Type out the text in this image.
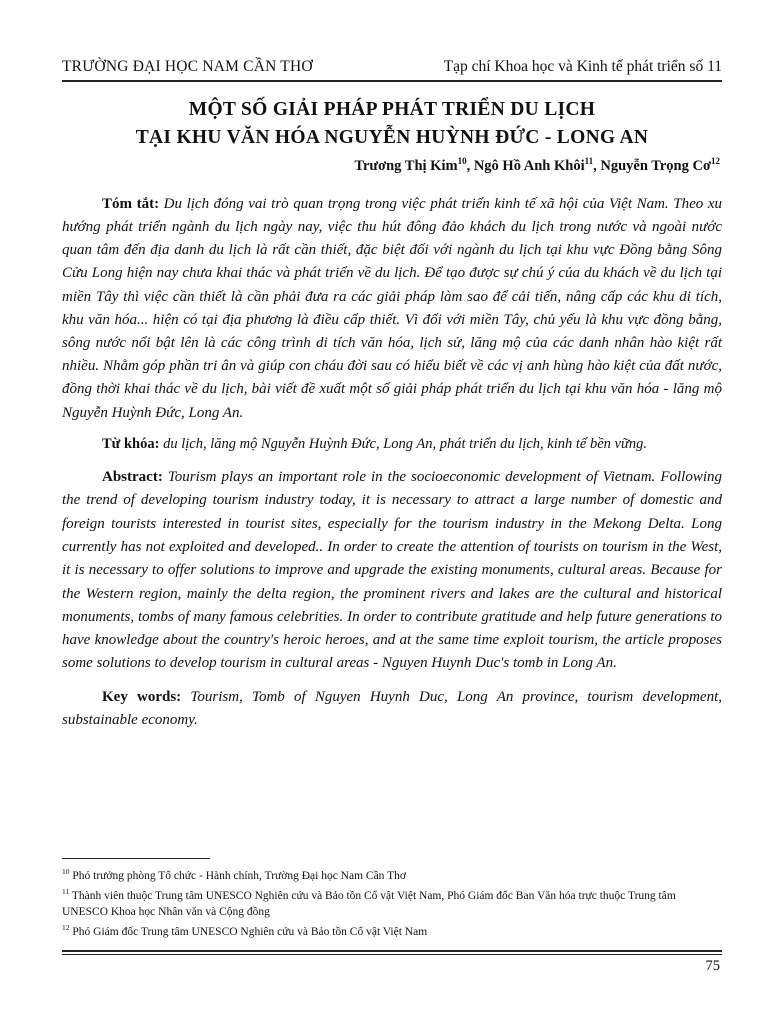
TRƯỜNG ĐẠI HỌC NAM CẦN THƠ	Tạp chí Khoa học và Kinh tế phát triển số 11
MỘT SỐ GIẢI PHÁP PHÁT TRIỂN DU LỊCH
TẠI KHU VĂN HÓA NGUYỄN HUỲNH ĐỨC - LONG AN
Trương Thị Kim$^{10}$, Ngô Hồ Anh Khôi$^{11}$, Nguyễn Trọng $Cơ^{12}$

Tóm tắt: Du lịch đóng vai trò quan trọng trong việc phát triển kinh tế xã hội của Việt Nam. Theo xu hướng phát triển ngành du lịch ngày nay, việc thu hút đông đảo khách du lịch trong nước và ngoài nước quan tâm đến địa danh du lịch là rất cần thiết, đặc biệt đối với ngành du lịch tại khu vực Đồng bằng Sông Cửu Long hiện nay chưa khai thác và phát triển về du lịch. Để tạo được sự chú ý của du khách về du lịch tại miền Tây thì việc cần thiết là cần phải đưa ra các giải pháp làm sao để cải tiến, nâng cấp các khu di tích, khu văn hóa... hiện có tại địa phương là điều cấp thiết. Vì đối với miền Tây, chủ yếu là khu vực đồng bằng, sông nước nổi bật lên là các công trình di tích văn hóa, lịch sử, lăng mộ của các danh nhân hào kiệt rất nhiều. Nhằm góp phần tri ân và giúp con cháu đời sau có hiểu biết về các vị anh hùng hào kiệt của đất nước, đồng thời khai thác về du lịch, bài viết đề xuất một số giải pháp phát triển du lịch tại khu văn hóa - lăng mộ Nguyễn Huỳnh Đức, Long An.

Từ khóa: du lịch, lăng mộ Nguyễn Huỳnh Đức, Long An, phát triển du lịch, kinh tế bền vững.

Abstract: Tourism plays an important role in the socioeconomic development of Vietnam. Following the trend of developing tourism industry today, it is necessary to attract a large number of domestic and foreign tourists interested in tourist sites, especially for the tourism industry in the Mekong Delta. Long currently has not exploited and developed.. In order to create the attention of tourists on tourism in the West, it is necessary to offer solutions to improve and upgrade the existing monuments, cultural areas. Because for the Western region, mainly the delta region, the prominent rivers and lakes are the cultural and historical monuments, tombs of many famous celebrities. In order to contribute gratitude and help future generations to have knowledge about the country's heroic heroes, and at the same time exploit tourism, the article proposes some solutions to develop tourism in cultural areas - Nguyen Huynh Duc's tomb in Long An.

Key words: Tourism, Tomb of Nguyen Huynh Duc, Long An province, tourism development, substainable economy.

$^{10}$ Phó trưởng phòng Tổ chức - Hành chính, Trường Đại học Nam Cần Thơ

$^{11}$ Thành viên thuộc Trung tâm UNESCO Nghiên cứu và Bảo tồn Cổ vật Việt Nam, Phó Giám đốc Ban Văn hóa trực thuộc Trung tâm UNESCO Khoa học Nhân văn và Cộng đồng

$^{12}$ Phó Giám đốc Trung tâm UNESCO Nghiên cứu và Bảo tồn Cổ vật Việt Nam

75
